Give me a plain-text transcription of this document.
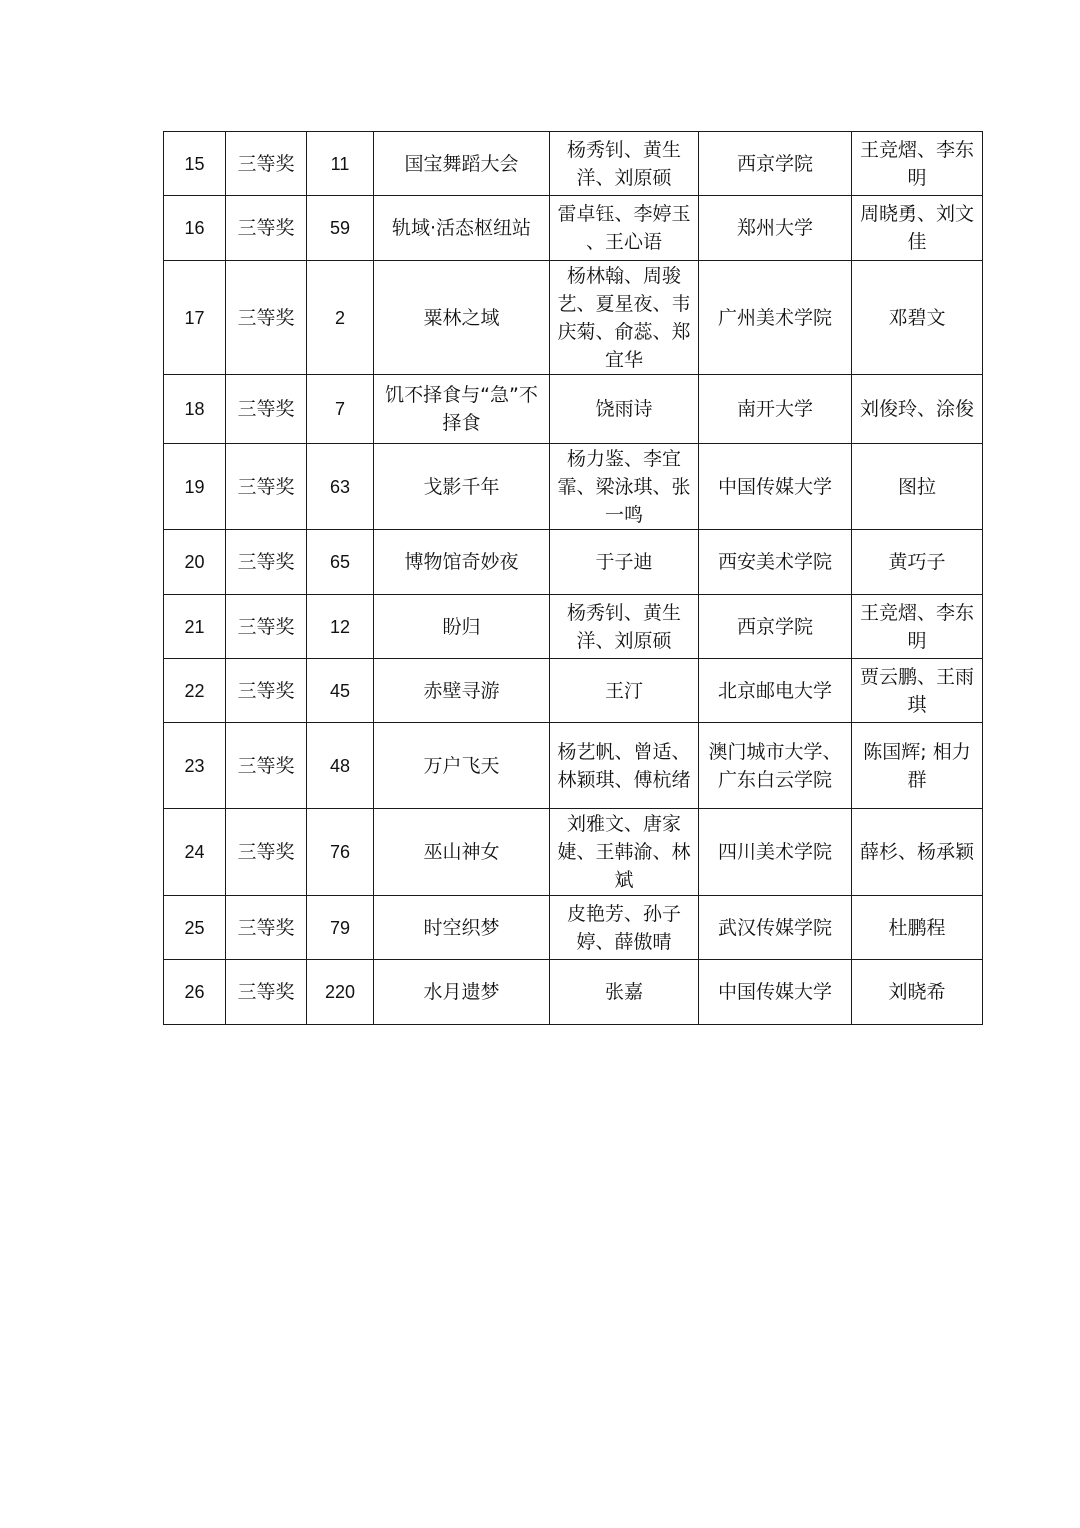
15	三等奖	11	国宝舞蹈大会	杨秀钊、黄生洋、刘原硕	西京学院	王竞熠、李东明
16	三等奖	59	轨域·活态枢纽站	雷卓钰、李婷玉 、王心语	郑州大学	周晓勇、刘文佳
17	三等奖	2	粟林之域	杨林翰、周骏艺、夏星夜、韦庆菊、俞蕊、郑宜华	广州美术学院	邓碧文
18	三等奖	7	饥不择食与“急”不择食	饶雨诗	南开大学	刘俊玲、涂俊
19	三等奖	63	戈影千年	杨力鉴、李宜霏、梁泳琪、张一鸣	中国传媒大学	图拉
20	三等奖	65	博物馆奇妙夜	于子迪	西安美术学院	黄巧子
21	三等奖	12	盼归	杨秀钊、黄生洋、刘原硕	西京学院	王竞熠、李东明
22	三等奖	45	赤壁寻游	王汀	北京邮电大学	贾云鹏、王雨琪
23	三等奖	48	万户飞天	杨艺帆、曾适、林颖琪、傅杭绪	澳门城市大学、广东白云学院	陈国辉; 相力群
24	三等奖	76	巫山神女	刘雅文、唐家婕、王韩渝、林斌	四川美术学院	薛杉、杨承颖
25	三等奖	79	时空织梦	皮艳芳、孙子婷、薛傲晴	武汉传媒学院	杜鹏程
26	三等奖	220	水月遗梦	张嘉	中国传媒大学	刘晓希
